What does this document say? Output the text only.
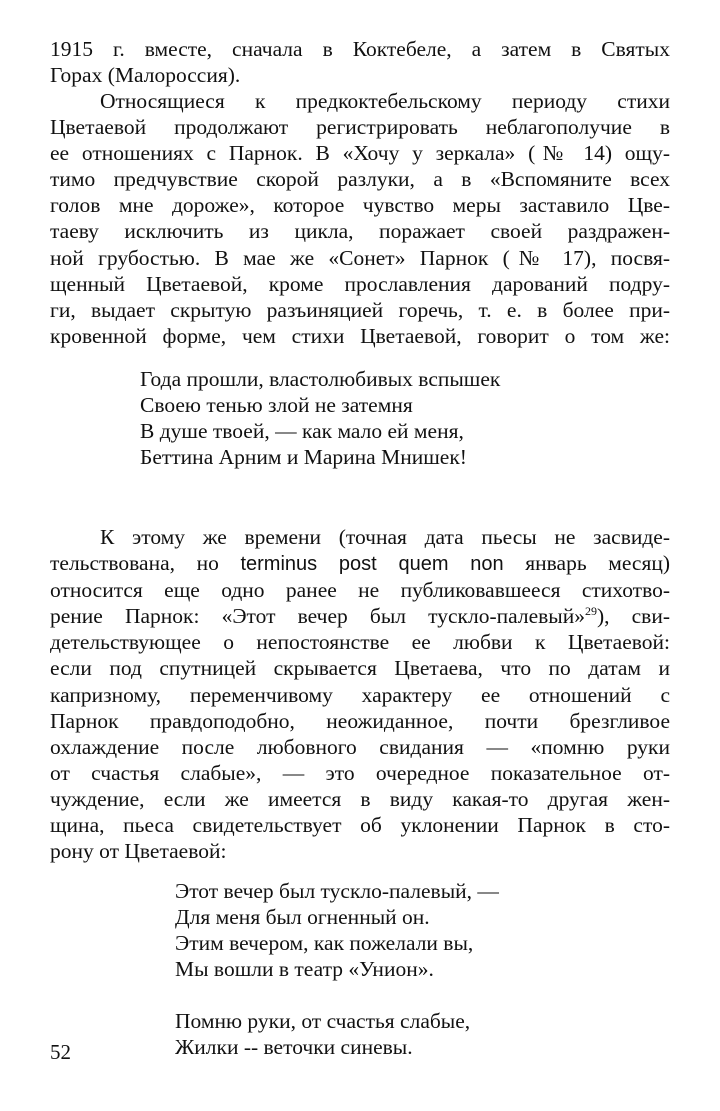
1915 г. вместе, сначала в Коктебеле, а затем в Святых

Горах (Малороссия).

Относящиеся к предкоктебельскому периоду стихи

Цветаевой продолжают регистрировать неблагополучие в

ее отношениях с Парнок. В «Хочу у зеркала» (№ 14) ощу-

тимо предчувствие скорой разлуки, а в «Вспомяните всех

голов мне дороже», которое чувство меры заставило Цве-

таеву исключить из цикла, поражает своей раздражен-

ной грубостью. В мае же «Сонет» Парнок (№ 17), посвя-

щенный Цветаевой, кроме прославления дарований подру-

ги, выдает скрытую разъиняцией горечь, т. е. в более при-

кровенной форме, чем стихи Цветаевой, говорит о том же:

Года прошли, властолюбивых вспышек
Своею тенью злой не затемня
В душе твоей, — как мало ей меня,
Беттина Арним и Марина Мнишек!

К этому же времени (точная дата пьесы не засвиде-

тельствована, но terminus post quem non январь месяц)

относится еще одно ранее не публиковавшееся стихотво-

рение Парнок: «Этот вечер был тускло-палевый»$^{29}$), сви-

детельствующее о непостоянстве ее любви к Цветаевой:

если под спутницей скрывается Цветаева, что по датам и

капризному, переменчивому характеру ее отношений с

Парнок правдоподобно, неожиданное, почти брезгливое

охлаждение после любовного свидания — «помню руки

от счастья слабые», — это очередное показательное от-

чуждение, если же имеется в виду какая-то другая жен-

щина, пьеса свидетельствует об уклонении Парнок в сто-

рону от Цветаевой:

Этот вечер был тускло-палевый, —
Для меня был огненный он.
Этим вечером, как пожелали вы,
Мы вошли в театр «Унион».
Помню руки, от счастья слабые,
Жилки -- веточки синевы.
52
